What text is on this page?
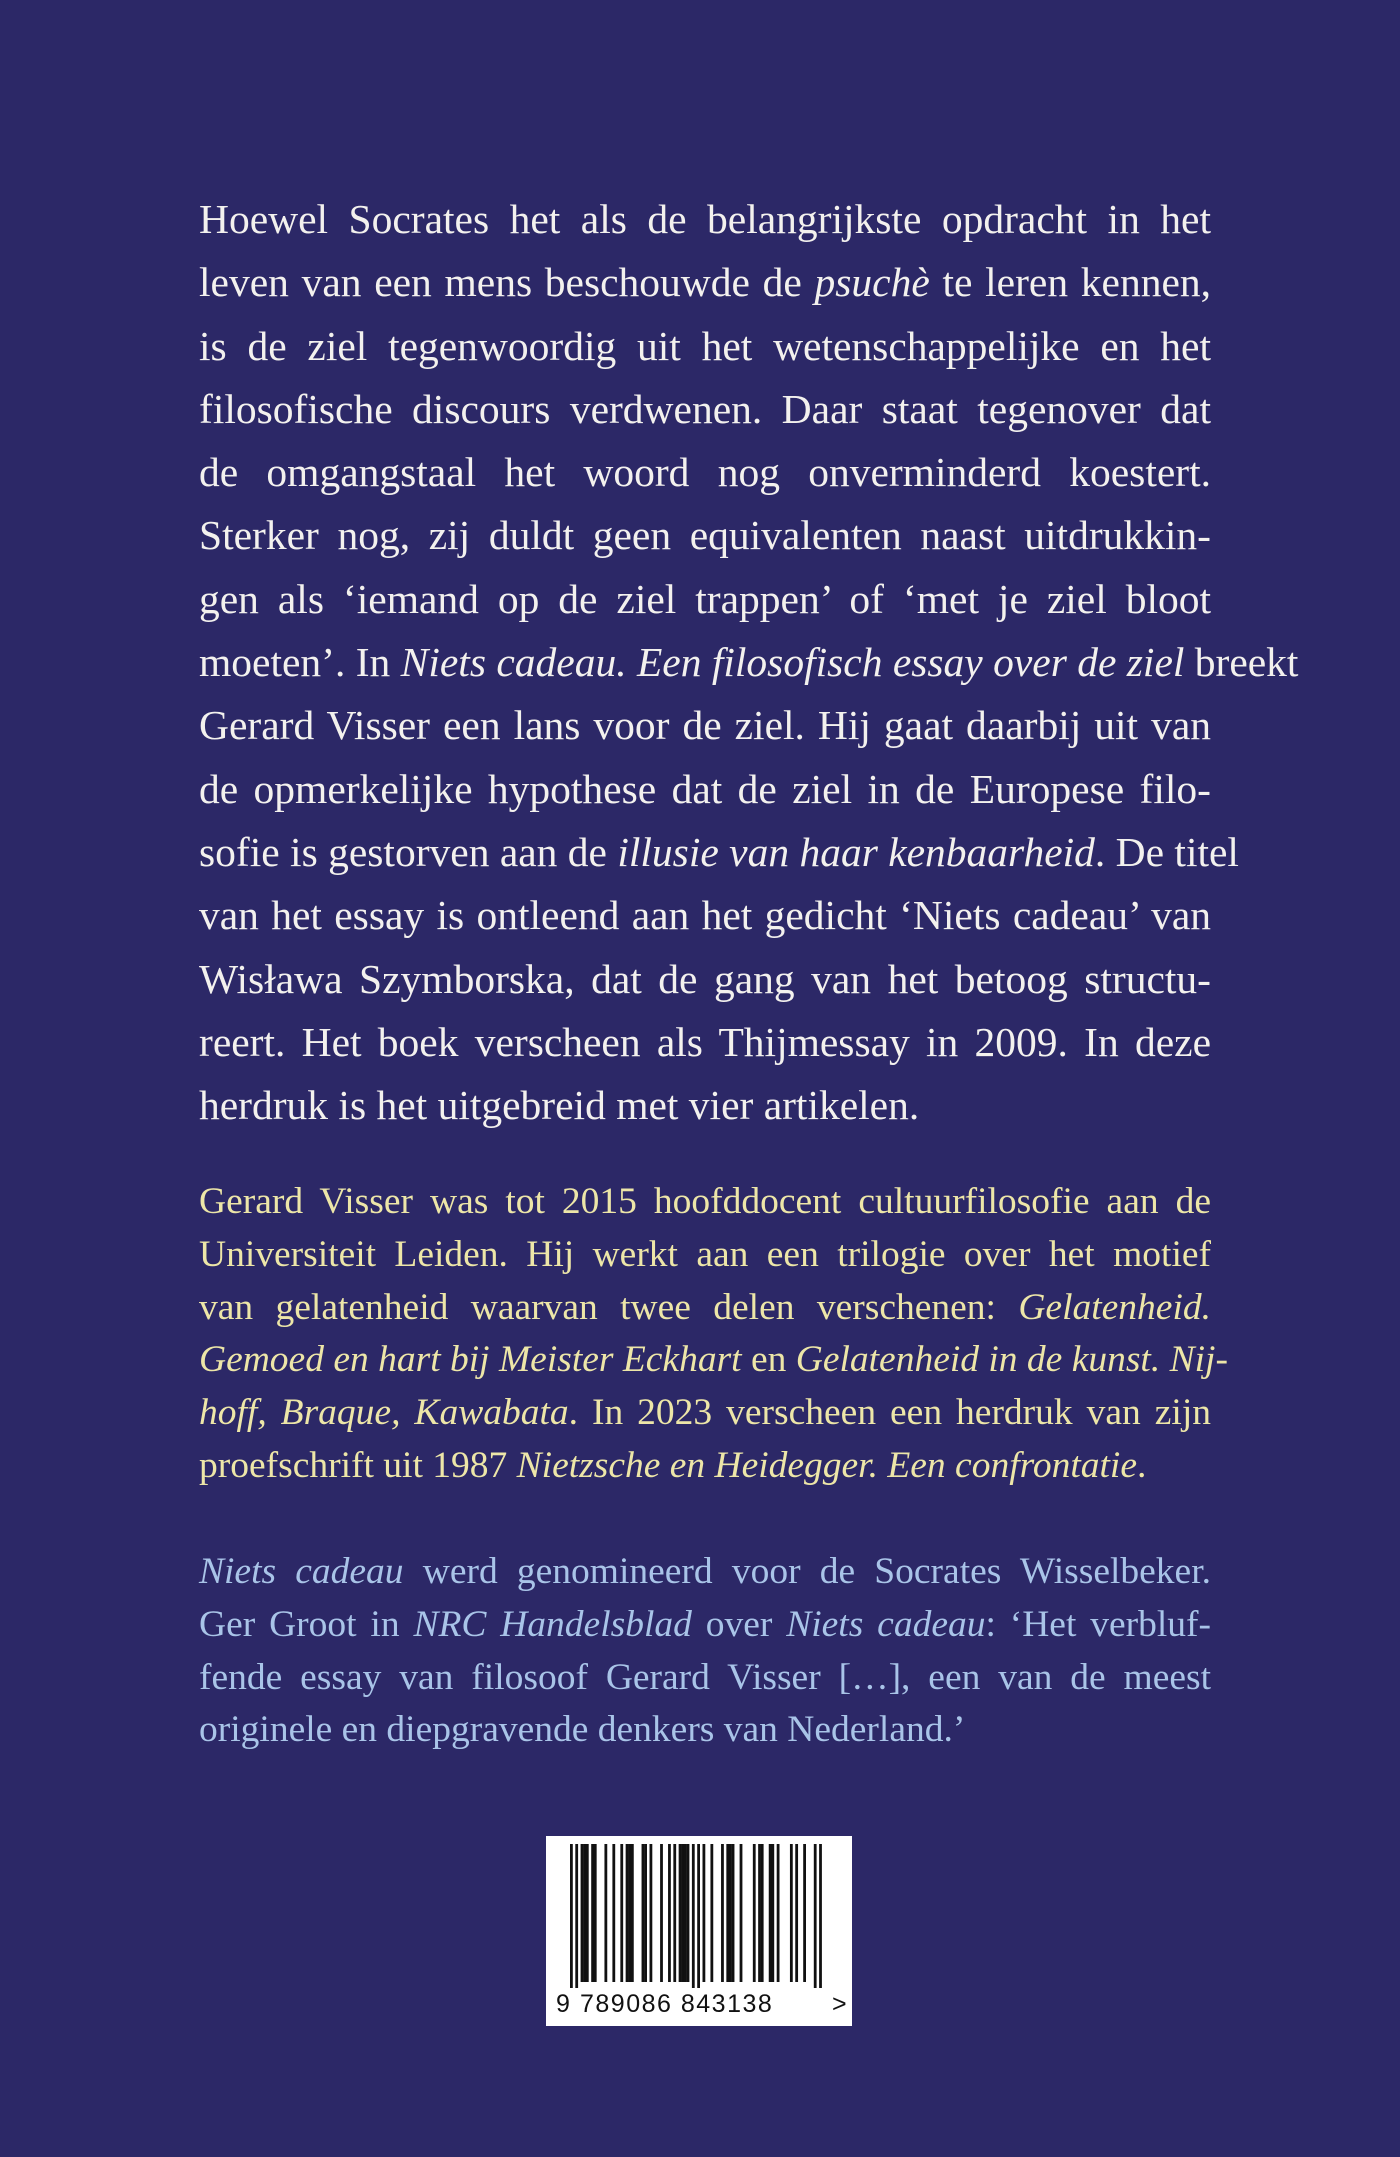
Hoewel Socrates het als de belangrijkste opdracht in het
leven van een mens beschouwde de psuchè te leren kennen,
is de ziel tegenwoordig uit het wetenschappelijke en het
filosofische discours verdwenen. Daar staat tegenover dat
de omgangstaal het woord nog onverminderd koestert.
Sterker nog, zij duldt geen equivalenten naast uitdrukkin-
gen als ‘iemand op de ziel trappen’ of ‘met je ziel bloot
moeten’. In Niets cadeau. Een filosofisch essay over de ziel breekt
Gerard Visser een lans voor de ziel. Hij gaat daarbij uit van
de opmerkelijke hypothese dat de ziel in de Europese filo-
sofie is gestorven aan de illusie van haar kenbaarheid. De titel
van het essay is ontleend aan het gedicht ‘Niets cadeau’ van
Wisława Szymborska, dat de gang van het betoog structu-
reert. Het boek verscheen als Thijmessay in 2009. In deze
herdruk is het uitgebreid met vier artikelen.
Gerard Visser was tot 2015 hoofddocent cultuurfilosofie aan de
Universiteit Leiden. Hij werkt aan een trilogie over het motief
van gelatenheid waarvan twee delen verschenen: Gelatenheid.
Gemoed en hart bij Meister Eckhart en Gelatenheid in de kunst. Nij-
hoff, Braque, Kawabata. In 2023 verscheen een herdruk van zijn
proefschrift uit 1987 Nietzsche en Heidegger. Een confrontatie.
Niets cadeau werd genomineerd voor de Socrates Wisselbeker.
Ger Groot in NRC Handelsblad over Niets cadeau: ‘Het verbluf-
fende essay van filosoof Gerard Visser […], een van de meest
originele en diepgravende denkers van Nederland.’
9 789086 843138 >
